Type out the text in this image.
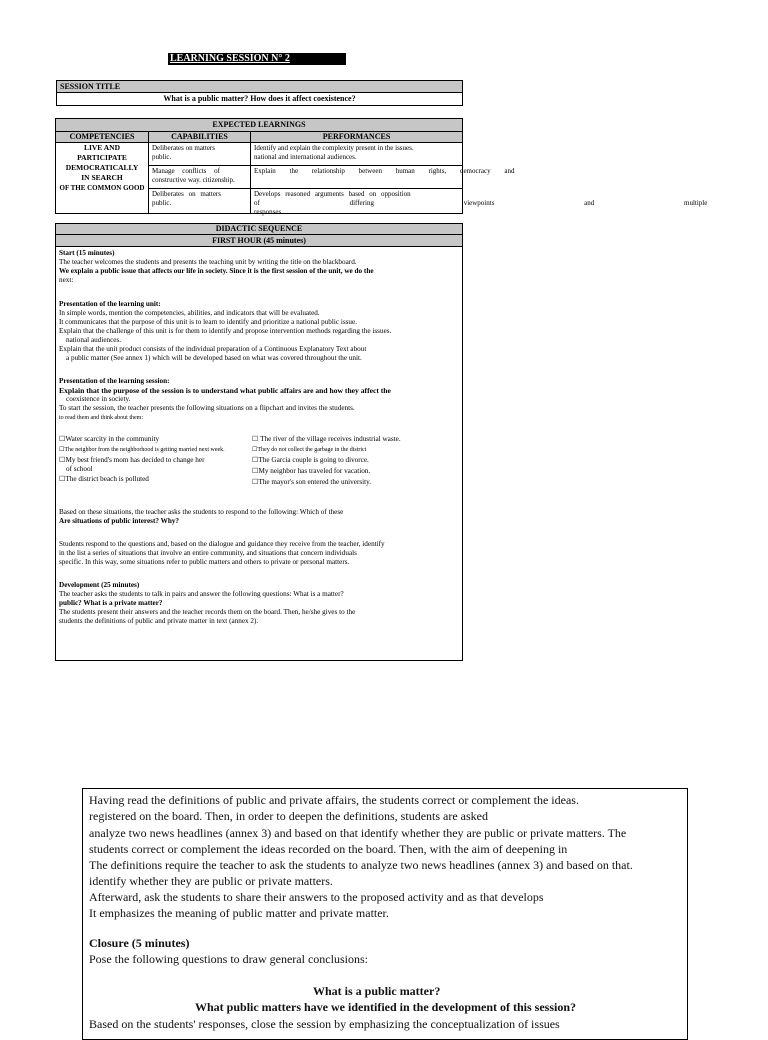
LEARNING SESSION N° 2
SESSION TITLE
What is a public matter? How does it affect coexistence?
EXPECTED LEARNINGS
COMPETENCIES	CAPABILITIES	PERFORMANCES
LIVE AND
PARTICIPATE
DEMOCRATICALLY
IN SEARCH
OF THE COMMON GOOD
Deliberates on matters
public.
Identify and explain the complexity present in the issues.
national and international audiences.
Manage conflicts of
constructive way. citizenship.
Explain the relationship between human rights, democracy and
Deliberates on matters
public.
Develops reasoned arguments based on opposition
of differing viewpoints and multiple responses.
DIDACTIC SEQUENCE
FIRST HOUR (45 minutes)
Start (15 minutes)
The teacher welcomes the students and presents the teaching unit by writing the title on the blackboard.
We explain a public issue that affects our life in society. Since it is the first session of the unit, we do the
next:
Presentation of the learning unit:
In simple words, mention the competencies, abilities, and indicators that will be evaluated.
It communicates that the purpose of this unit is to learn to identify and prioritize a national public issue.
Explain that the challenge of this unit is for them to identify and propose intervention methods regarding the issues.
national audiences.
Explain that the unit product consists of the individual preparation of a Continuous Explanatory Text about
a public matter (See annex 1) which will be developed based on what was covered throughout the unit.
Presentation of the learning session:
Explain that the purpose of the session is to understand what public affairs are and how they affect the
coexistence in society.
To start the session, the teacher presents the following situations on a flipchart and invites the students.
to read them and think about them:
☐Water scarcity in the community
☐The neighbor from the neighborhood is getting married next week.
☐My best friend's mom has decided to change her
of school
☐The district beach is polluted
☐ The river of the village receives industrial waste.
☐They do not collect the garbage in the district
☐The Garcia couple is going to divorce.
☐My neighbor has traveled for vacation.
☐The mayor's son entered the university.
Based on these situations, the teacher asks the students to respond to the following: Which of these
Are situations of public interest? Why?
Students respond to the questions and, based on the dialogue and guidance they receive from the teacher, identify
in the list a series of situations that involve an entire community, and situations that concern individuals
specific. In this way, some situations refer to public matters and others to private or personal matters.
Development (25 minutes)
The teacher asks the students to talk in pairs and answer the following questions: What is a matter?
public? What is a private matter?
The students present their answers and the teacher records them on the board. Then, he/she gives to the
students the definitions of public and private matter in text (annex 2).
Having read the definitions of public and private affairs, the students correct or complement the ideas.
registered on the board. Then, in order to deepen the definitions, students are asked
analyze two news headlines (annex 3) and based on that identify whether they are public or private matters. The
students correct or complement the ideas recorded on the board. Then, with the aim of deepening in
The definitions require the teacher to ask the students to analyze two news headlines (annex 3) and based on that.
identify whether they are public or private matters.
Afterward, ask the students to share their answers to the proposed activity and as that develops
It emphasizes the meaning of public matter and private matter.
Closure (5 minutes)
Pose the following questions to draw general conclusions:
What is a public matter?
What public matters have we identified in the development of this session?
Based on the students' responses, close the session by emphasizing the conceptualization of issues
